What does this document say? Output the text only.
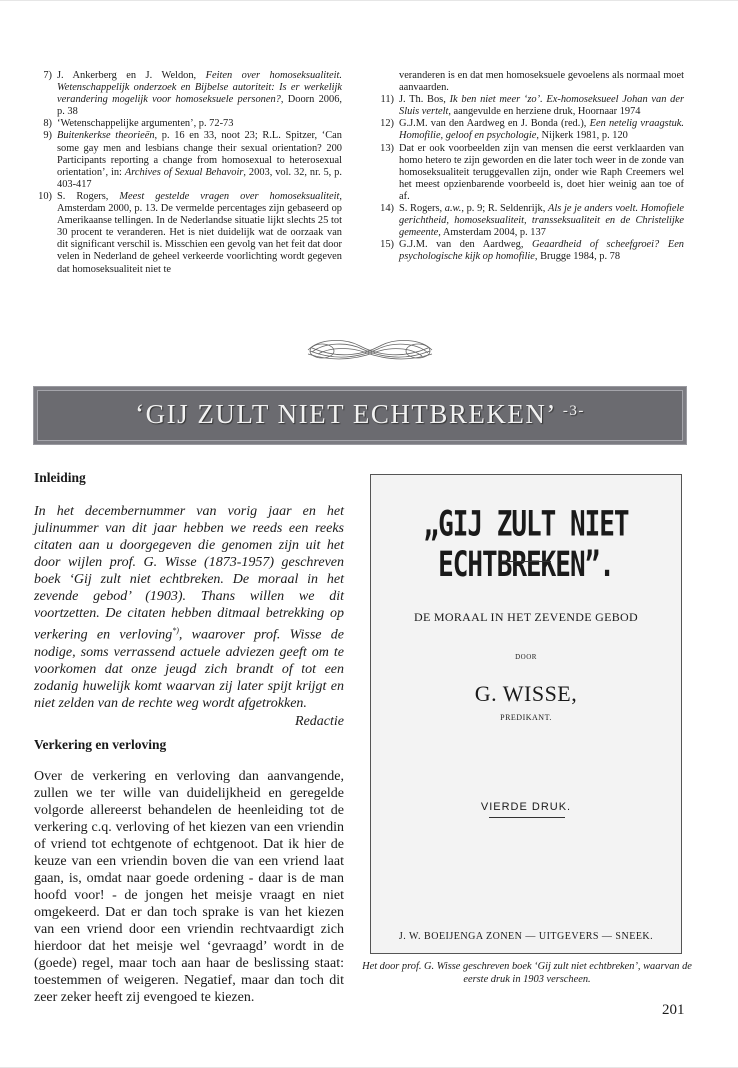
7) J. Ankerberg en J. Weldon, Feiten over homoseksualiteit. Wetenschappelijk onderzoek en Bijbelse autoriteit: Is er werkelijk verandering mogelijk voor homoseksuele personen?, Doorn 2006, p. 38
8) ‘Wetenschappelijke argumenten’, p. 72-73
9) Buitenkerkse theorieën, p. 16 en 33, noot 23; R.L. Spitzer, ‘Can some gay men and lesbians change their sexual orientation? 200 Participants reporting a change from homosexual to heterosexual orientation’, in: Archives of Sexual Behavoir, 2003, vol. 32, nr. 5, p. 403-417
10) S. Rogers, Meest gestelde vragen over homoseksualiteit, Amsterdam 2000, p. 13. De vermelde percentages zijn gebaseerd op Amerikaanse tellingen. In de Nederlandse situatie lijkt slechts 25 tot 30 procent te veranderen. Het is niet duidelijk wat de oorzaak van dit significant verschil is. Misschien een gevolg van het feit dat door velen in Nederland de geheel verkeerde voorlichting wordt gegeven dat homoseksualiteit niet te
veranderen is en dat men homoseksuele gevoelens als normaal moet aanvaarden.
11) J. Th. Bos, Ik ben niet meer ‘zo’. Ex-homoseksueel Johan van der Sluis vertelt, aangevulde en herziene druk, Hoornaar 1974
12) G.J.M. van den Aardweg en J. Bonda (red.), Een netelig vraagstuk. Homofilie, geloof en psychologie, Nijkerk 1981, p. 120
13) Dat er ook voorbeelden zijn van mensen die eerst verklaarden van homo hetero te zijn geworden en die later toch weer in de zonde van homoseksualiteit teruggevallen zijn, onder wie Raph Creemers wel het meest opzienbarende voorbeeld is, doet hier weinig aan toe of af.
14) S. Rogers, a.w., p. 9; R. Seldenrijk, Als je je anders voelt. Homofiele gerichtheid, homoseksualiteit, transseksualiteit en de Christelijke gemeente, Amsterdam 2004, p. 137
15) G.J.M. van den Aardweg, Geaardheid of scheefgroei? Een psychologische kijk op homofilie, Brugge 1984, p. 78
‘GIJ ZULT NIET ECHTBREKEN’ $^{-3-}$
Inleiding
In het decembernummer van vorig jaar en het julinummer van dit jaar hebben we reeds een reeks citaten aan u doorgegeven die genomen zijn uit het door wijlen prof. G. Wisse (1873-1957) geschreven boek ‘Gij zult niet echtbreken. De moraal in het zevende gebod’ (1903). Thans willen we dit voortzetten. De citaten hebben ditmaal betrekking op verkering en verloving*), waarover prof. Wisse de nodige, soms verrassend actuele adviezen geeft om te voorkomen dat onze jeugd zich brandt of tot een zodanig huwelijk komt waarvan zij later spijt krijgt en niet zelden van de rechte weg wordt afgetrokken.
Redactie
Verkering en verloving
Over de verkering en verloving dan aanvangende, zullen we ter wille van duidelijkheid en geregelde volgorde allereerst behandelen de heenleiding tot de verkering c.q. verloving of het kiezen van een vriendin of vriend tot echtgenote of echtgenoot. Dat ik hier de keuze van een vriendin boven die van een vriend laat gaan, is, omdat naar goede ordening - daar is de man hoofd voor! - de jongen het meisje vraagt en niet omgekeerd. Dat er dan toch sprake is van het kiezen van een vriend door een vriendin rechtvaardigt zich hierdoor dat het meisje wel ‘gevraagd’ wordt in de (goede) regel, maar toch aan haar de beslissing staat: toestemmen of weigeren. Negatief, maar dan toch dit zeer zeker heeft zij evengoed te kiezen.
„GIJ ZULT NIET ECHTBREKEN”.
DE MORAAL IN HET ZEVENDE GEBOD
DOOR
G. WISSE,
PREDIKANT.
VIERDE DRUK.
J. W. BOEIJENGA ZONEN — UITGEVERS — SNEEK.
Het door prof. G. Wisse geschreven boek ‘Gij zult niet echtbreken’, waarvan de eerste druk in 1903 verscheen.
201
